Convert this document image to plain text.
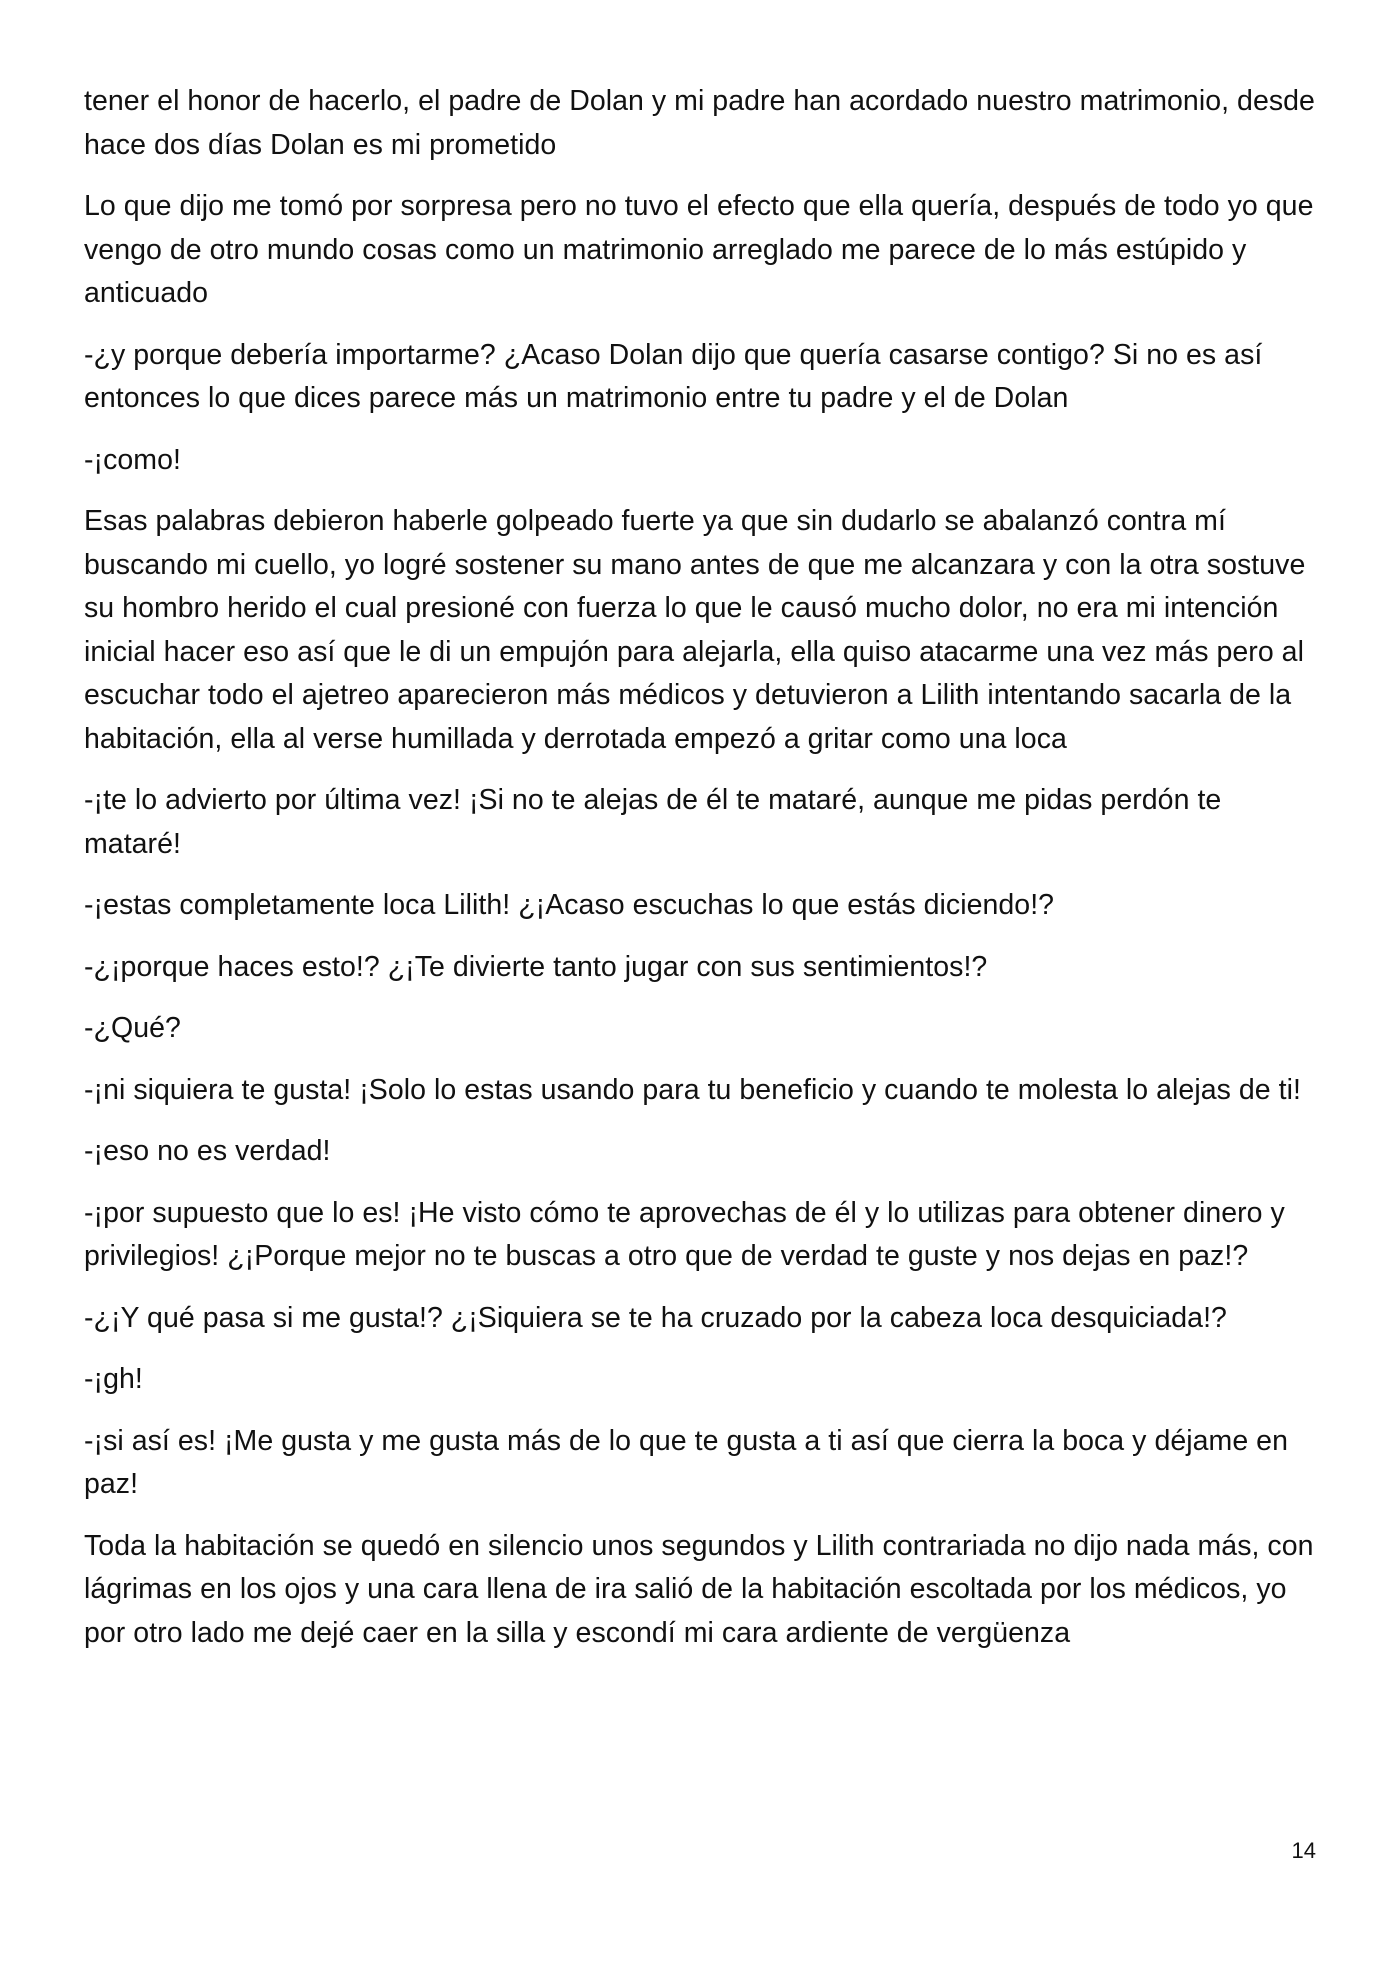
tener el honor de hacerlo, el padre de Dolan y mi padre han acordado nuestro matrimonio, desde hace dos días Dolan es mi prometido

Lo que dijo me tomó por sorpresa pero no tuvo el efecto que ella quería, después de todo yo que vengo de otro mundo cosas como un matrimonio arreglado me parece de lo más estúpido y anticuado

-¿y porque debería importarme? ¿Acaso Dolan dijo que quería casarse contigo? Si no es así entonces lo que dices parece más un matrimonio entre tu padre y el de Dolan

-¡como!

Esas palabras debieron haberle golpeado fuerte ya que sin dudarlo se abalanzó contra mí buscando mi cuello, yo logré sostener su mano antes de que me alcanzara y con la otra sostuve su hombro herido el cual presioné con fuerza lo que le causó mucho dolor, no era mi intención inicial hacer eso así que le di un empujón para alejarla, ella quiso atacarme una vez más pero al escuchar todo el ajetreo aparecieron más médicos y detuvieron a Lilith intentando sacarla de la habitación, ella al verse humillada y derrotada empezó a gritar como una loca

-¡te lo advierto por última vez! ¡Si no te alejas de él te mataré, aunque me pidas perdón te mataré!

-¡estas completamente loca Lilith! ¿¡Acaso escuchas lo que estás diciendo!?

-¿¡porque haces esto!? ¿¡Te divierte tanto jugar con sus sentimientos!?

-¿Qué?

-¡ni siquiera te gusta! ¡Solo lo estas usando para tu beneficio y cuando te molesta lo alejas de ti!

-¡eso no es verdad!

-¡por supuesto que lo es! ¡He visto cómo te aprovechas de él y lo utilizas para obtener dinero y privilegios! ¿¡Porque mejor no te buscas a otro que de verdad te guste y nos dejas en paz!?

-¿¡Y qué pasa si me gusta!? ¿¡Siquiera se te ha cruzado por la cabeza loca desquiciada!?

-¡gh!

-¡si así es! ¡Me gusta y me gusta más de lo que te gusta a ti así que cierra la boca y déjame en paz!

Toda la habitación se quedó en silencio unos segundos y Lilith contrariada no dijo nada más, con lágrimas en los ojos y una cara llena de ira salió de la habitación escoltada por los médicos, yo por otro lado me dejé caer en la silla y escondí mi cara ardiente de vergüenza

14
